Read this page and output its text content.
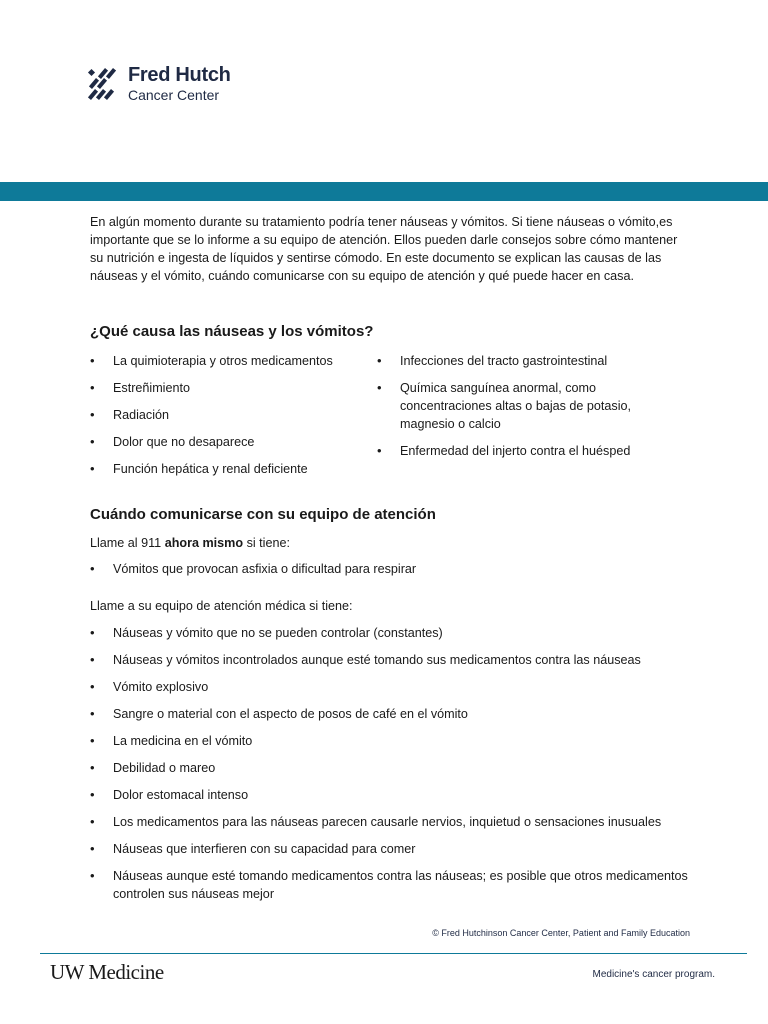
Fred Hutch
Cancer Center

En algún momento durante su tratamiento podría tener náuseas y vómitos. Si tiene náuseas o vómito,es importante que se lo informe a su equipo de atención. Ellos pueden darle consejos sobre cómo mantener su nutrición e ingesta de líquidos y sentirse cómodo. En este documento se explican las causas de las náuseas y el vómito, cuándo comunicarse con su equipo de atención y qué puede hacer en casa.

¿Qué causa las náuseas y los vómitos?
• La quimioterapia y otros medicamentos
• Estreñimiento
• Radiación
• Dolor que no desaparece
• Función hepática y renal deficiente
• Infecciones del tracto gastrointestinal
• Química sanguínea anormal, como concentraciones altas o bajas de potasio, magnesio o calcio
• Enfermedad del injerto contra el huésped
Cuándo comunicarse con su equipo de atención
Llame al 911 ahora mismo si tiene:
• Vómitos que provocan asfixia o dificultad para respirar
Llame a su equipo de atención médica si tiene:
• Náuseas y vómito que no se pueden controlar (constantes)
• Náuseas y vómitos incontrolados aunque esté tomando sus medicamentos contra las náuseas
• Vómito explosivo
• Sangre o material con el aspecto de posos de café en el vómito
• La medicina en el vómito
• Debilidad o mareo
• Dolor estomacal intenso
• Los medicamentos para las náuseas parecen causarle nervios, inquietud o sensaciones inusuales
• Náuseas que interfieren con su capacidad para comer
• Náuseas aunque esté tomando medicamentos contra las náuseas; es posible que otros medicamentos controlen sus náuseas mejor
© Fred Hutchinson Cancer Center, Patient and Family Education
UW Medicine	Medicine's cancer program.
